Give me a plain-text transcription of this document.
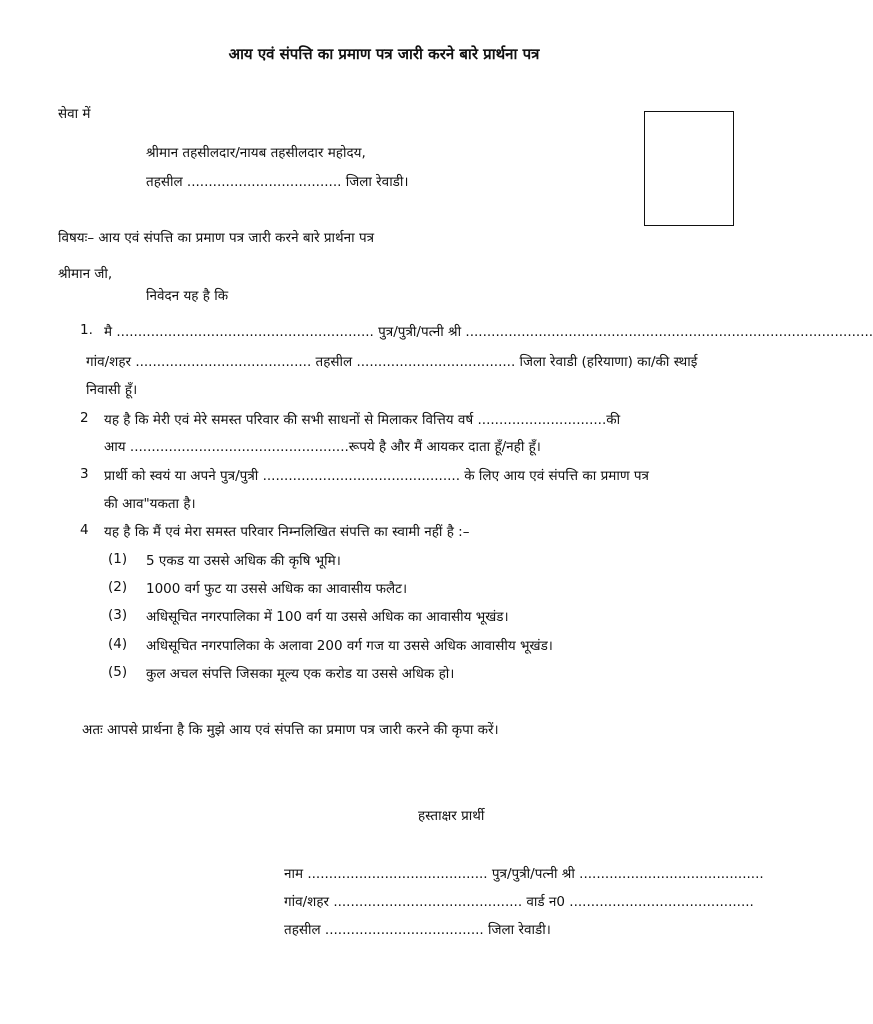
आय एवं संपत्ति का प्रमाण पत्र जारी करने बारे प्रार्थना पत्र
सेवा में
श्रीमान तहसीलदार/नायब तहसीलदार महोदय,
तहसील .................................... जिला रेवाडी।
विषयः– आय एवं संपत्ति का प्रमाण पत्र जारी करने बारे प्रार्थना पत्र
श्रीमान जी,
निवेदन यह है कि
1. मै ............................................................ पुत्र/पुत्री/पत्नी श्री ...............................................................................................
गांव/शहर ......................................... तहसील ..................................... जिला रेवाडी (हरियाणा) का/की स्थाई
निवासी हूँ।
2 यह है कि मेरी एवं मेरे समस्त परिवार की सभी साधनों से मिलाकर वित्तिय वर्ष ..............................की
आय ...................................................रूपये है और मैं आयकर दाता हूँ/नही हूँ।
3 प्रार्थी को स्वयं या अपने पुत्र/पुत्री .............................................. के लिए आय एवं संपत्ति का प्रमाण पत्र
की आव"यकता है।
4 यह है कि मैं एवं मेरा समस्त परिवार निम्नलिखित संपत्ति का स्वामी नहीं है :–
(1) 5 एकड या उससे अधिक की कृषि भूमि।
(2) 1000 वर्ग फुट या उससे अधिक का आवासीय फलैट।
(3) अधिसूचित नगरपालिका में 100 वर्ग या उससे अधिक का आवासीय भूखंड।
(4) अधिसूचित नगरपालिका के अलावा 200 वर्ग गज या उससे अधिक आवासीय भूखंड।
(5) कुल अचल संपत्ति जिसका मूल्य एक करोड या उससे अधिक हो।
अतः आपसे प्रार्थना है कि मुझे आय एवं संपत्ति का प्रमाण पत्र जारी करने की कृपा करें।
हस्ताक्षर प्रार्थी
नाम .......................................... पुत्र/पुत्री/पत्नी श्री ...........................................
गांव/शहर ............................................ वार्ड न0 ...........................................
तहसील ..................................... जिला रेवाडी।
